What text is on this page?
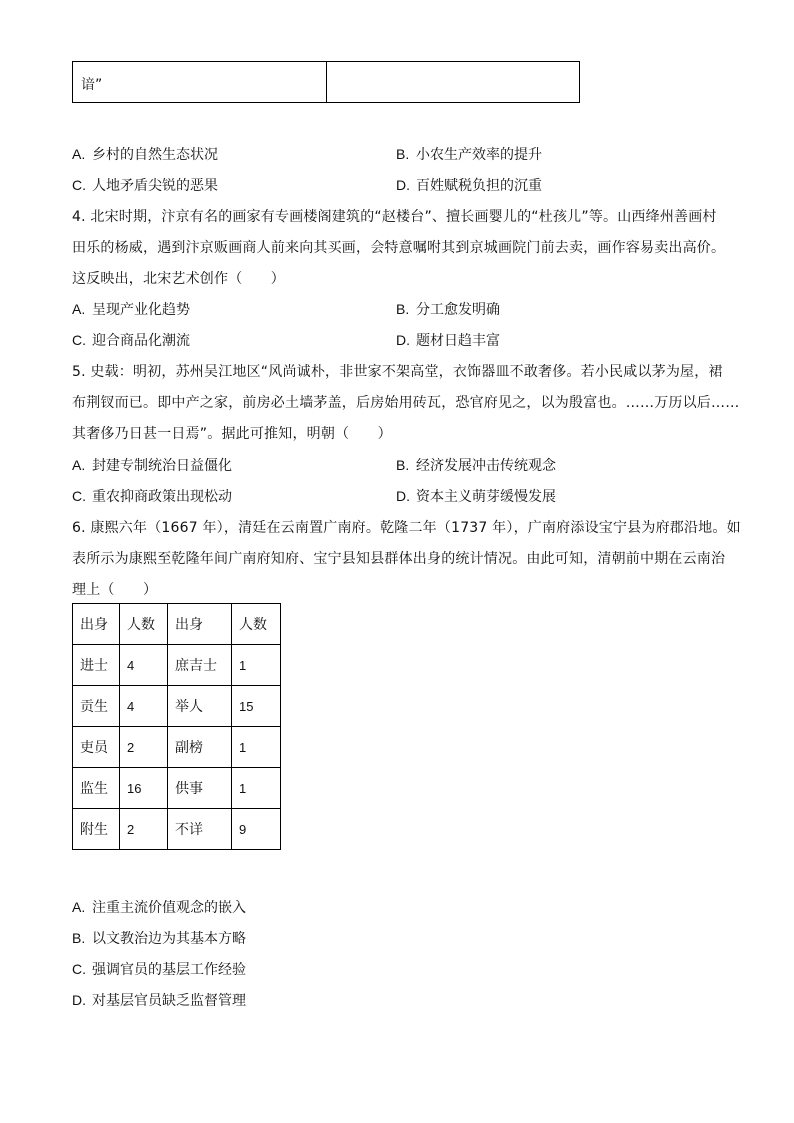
谙”
A. 乡村的自然生态状况	B. 小农生产效率的提升
C. 人地矛盾尖锐的恶果	D. 百姓赋税负担的沉重
4. 北宋时期，汴京有名的画家有专画楼阁建筑的“赵楼台”、擅长画婴儿的“杜孩儿”等。山西绛州善画村
田乐的杨威，遇到汴京贩画商人前来向其买画，会特意嘱咐其到京城画院门前去卖，画作容易卖出高价。
这反映出，北宋艺术创作（　　）
A. 呈现产业化趋势	B. 分工愈发明确
C. 迎合商品化潮流	D. 题材日趋丰富
5. 史载：明初，苏州吴江地区“风尚诚朴，非世家不架高堂，衣饰器皿不敢奢侈。若小民咸以茅为屋，裙
布荆钗而已。即中产之家，前房必土墙茅盖，后房始用砖瓦，恐官府见之，以为殷富也。……万历以后……
其奢侈乃日甚一日焉”。据此可推知，明朝（　　）
A. 封建专制统治日益僵化	B. 经济发展冲击传统观念
C. 重农抑商政策出现松动	D. 资本主义萌芽缓慢发展
6. 康熙六年（1667 年），清廷在云南置广南府。乾隆二年（1737 年），广南府添设宝宁县为府郡沿地。如
表所示为康熙至乾隆年间广南府知府、宝宁县知县群体出身的统计情况。由此可知，清朝前中期在云南治
理上（　　）
出身	人数	出身	人数
进士	4	庶吉士	1
贡生	4	举人	15
吏员	2	副榜	1
监生	16	供事	1
附生	2	不详	9
A. 注重主流价值观念的嵌入
B. 以文教治边为其基本方略
C. 强调官员的基层工作经验
D. 对基层官员缺乏监督管理
